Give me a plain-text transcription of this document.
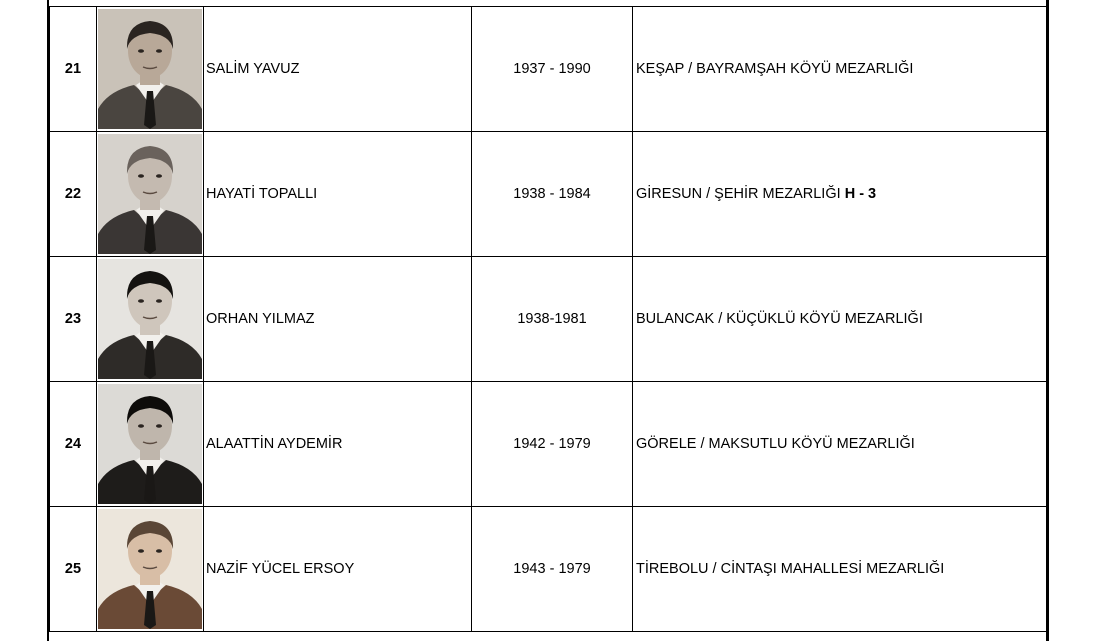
21		SALİM YAVUZ	1937 - 1990	KEŞAP / BAYRAMŞAH KÖYÜ MEZARLIĞI
22		HAYATİ TOPALLI	1938 - 1984	GİRESUN / ŞEHİR MEZARLIĞI H - 3
23		ORHAN YILMAZ	1938-1981	BULANCAK / KÜÇÜKLÜ KÖYÜ MEZARLIĞI
24		ALAATTİN AYDEMİR	1942 - 1979	GÖRELE / MAKSUTLU KÖYÜ MEZARLIĞI
25		NAZİF YÜCEL ERSOY	1943 - 1979	TİREBOLU / CİNTAŞI MAHALLESİ MEZARLIĞI
